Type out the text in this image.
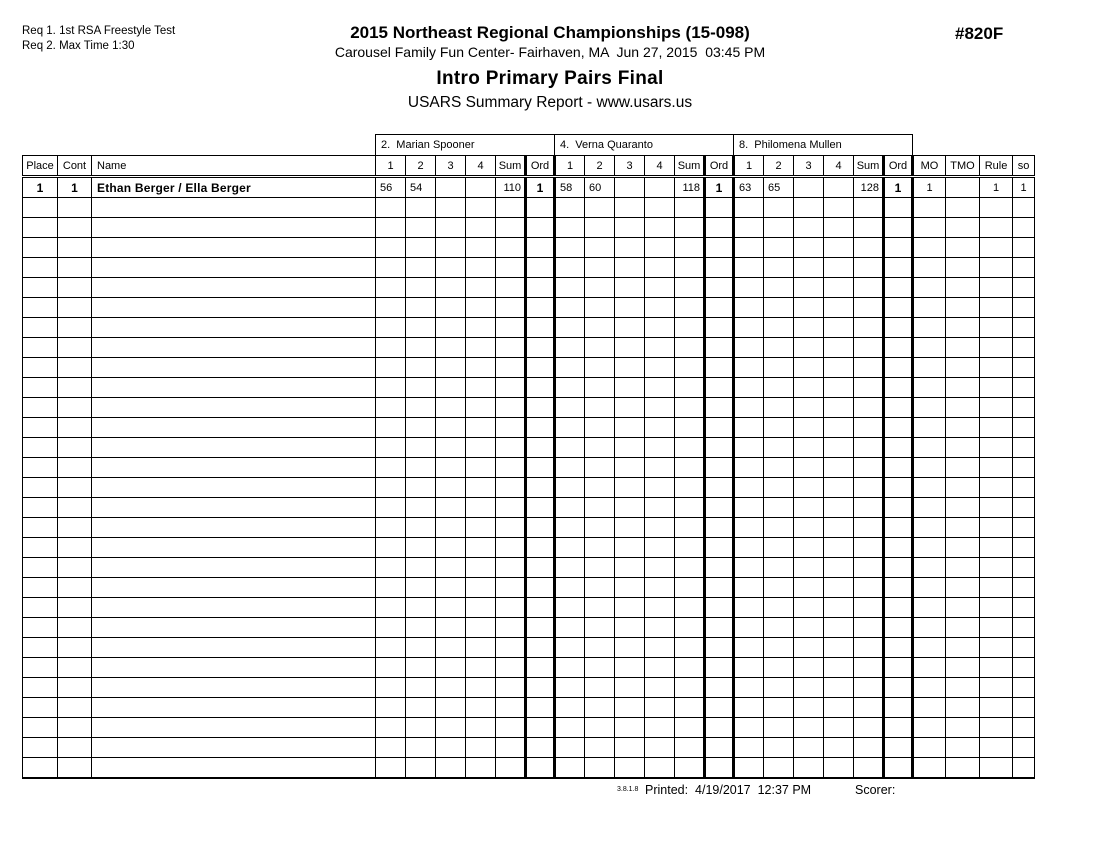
Req 1. 1st RSA Freestyle Test
Req 2. Max Time 1:30
2015 Northeast Regional Championships (15-098)
Carousel Family Fun Center- Fairhaven, MA  Jun 27, 2015  03:45 PM
Intro Primary Pairs Final
USARS Summary Report - www.usars.us
#820F
			2.  Marian Spooner						4.  Verna Quaranto						8.  Philomena Mullen									
Place	Cont	Name	1	2	3	4	Sum	Ord	1	2	3	4	Sum	Ord	1	2	3	4	Sum	Ord	MO	TMO	Rule	so
1	1	Ethan Berger / Ella Berger	56	54			110	1	58	60			118	1	63	65			128	1	1		1	1

3.8.1.8 Printed:  4/19/2017  12:37 PM	Scorer:
